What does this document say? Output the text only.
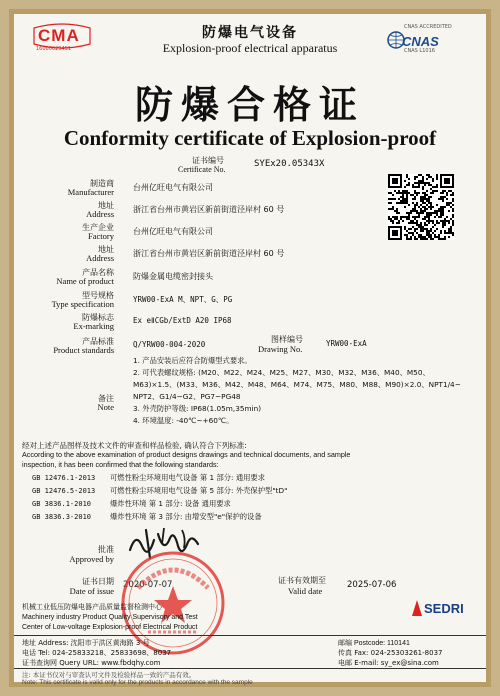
CMA
16000029491
CNAS ACCREDITED
CNAS
CNAS L1016
防爆电气设备
Explosion-proof electrical apparatus
防爆合格证
Conformity certificate of Explosion-proof
证书编号
Certificate No.
SYEx20.05343X
制造商
Manufacturer 台州亿旺电气有限公司
地址
Address 浙江省台州市黄岩区新前街道泾岸村 60 号
生产企业
Factory 台州亿旺电气有限公司
地址
Address 浙江省台州市黄岩区新前街道泾岸村 60 号
产品名称
Name of product 防爆金属电缆密封接头
型号规格
Type specification	YRW00-ExA M、NPT、G、PG
防爆标志
Ex-marking
Ex eⅡCGb/ExtD A20 IP68
产品标准
Product standards
Q/YRW00-004-2020
图样编号
Drawing No.
YRW00-ExA
备注
Note
1. 产品安装后应符合防爆型式要求。
2. 可代表螺纹规格: (M20、M22、M24、M25、M27、M30、M32、M36、M40、M50、
M63)×1.5、(M33、M36、M42、M48、M64、M74、M75、M80、M88、M90)×2.0、NPT1/4~
NPT2、G1/4~G2、PG7~PG48
3. 外壳防护等级: IP68(1.05m,35min)
4. 环境温度: -40℃~+60℃。
经对上述产品图样及技术文件的审查和样品检验, 确认符合下列标准:
According to the above examination of product designs drawings and technical documents, and sample
inspection, it has been confirmed that the following standards:
GB 12476.1-2013 可燃性粉尘环境用电气设备 第 1 部分: 通用要求
GB 12476.5-2013 可燃性粉尘环境用电气设备 第 5 部分: 外壳保护型"tD"
GB 3836.1-2010	爆炸性环境 第 1 部分: 设备 通用要求
GB 3836.3-2010	爆炸性环境 第 3 部分: 由增安型"e"保护的设备
批准
Approved by
证书日期
Date of issue
2020-07-07	证书有效期至
Valid date
2025-07-06
机械工业低压防爆电器产品质量监督检测中心
Machinery industry Product Quality Supervisory and Test
Center of Low-voltage Explosion-proof Electrical Product
SEDRI
地址 Address: 沈阳市于洪区黄海路 3 号	邮编 Postcode: 110141
电话 Tel: 024-25833218、25833698、8037	传真 Fax: 024-25303261-8037
证书查询网 Query URL: www.fbdqhy.com	电邮 E-mail: sy_ex@sina.com
注: 本证书仅对与审查认可文件及检验样品一致的产品有效。
Note: This certificate is valid only for the products in accordance with the sample
